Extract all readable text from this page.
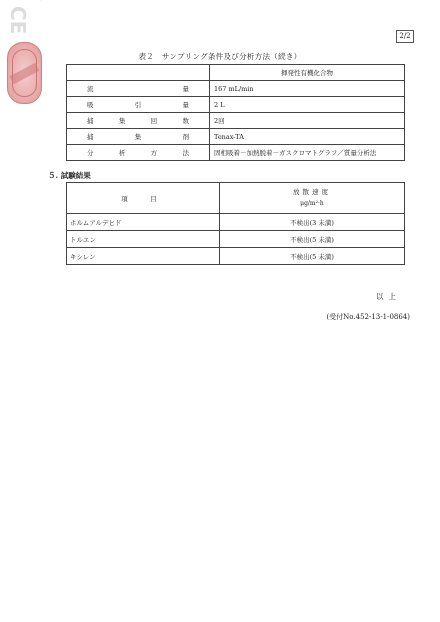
CE
2/2
表２　サンプリング条件及び分析方法（続き）
	揮発性有機化合物
流量	167 mL/min
吸引量	2 L
捕集回数	2回
捕集剤	Tenax-TA
分析方法	固相吸着－加熱脱着－ガスクロマトグラフ／質量分析法
５. 試験結果
項　目	放散速度
μg/m²·h

ホルムアルデヒド	不検出(3 未満)
トルエン	不検出(5 未満)
キシレン	不検出(5 未満)
以上
(受付No.452-13-1-0864)
